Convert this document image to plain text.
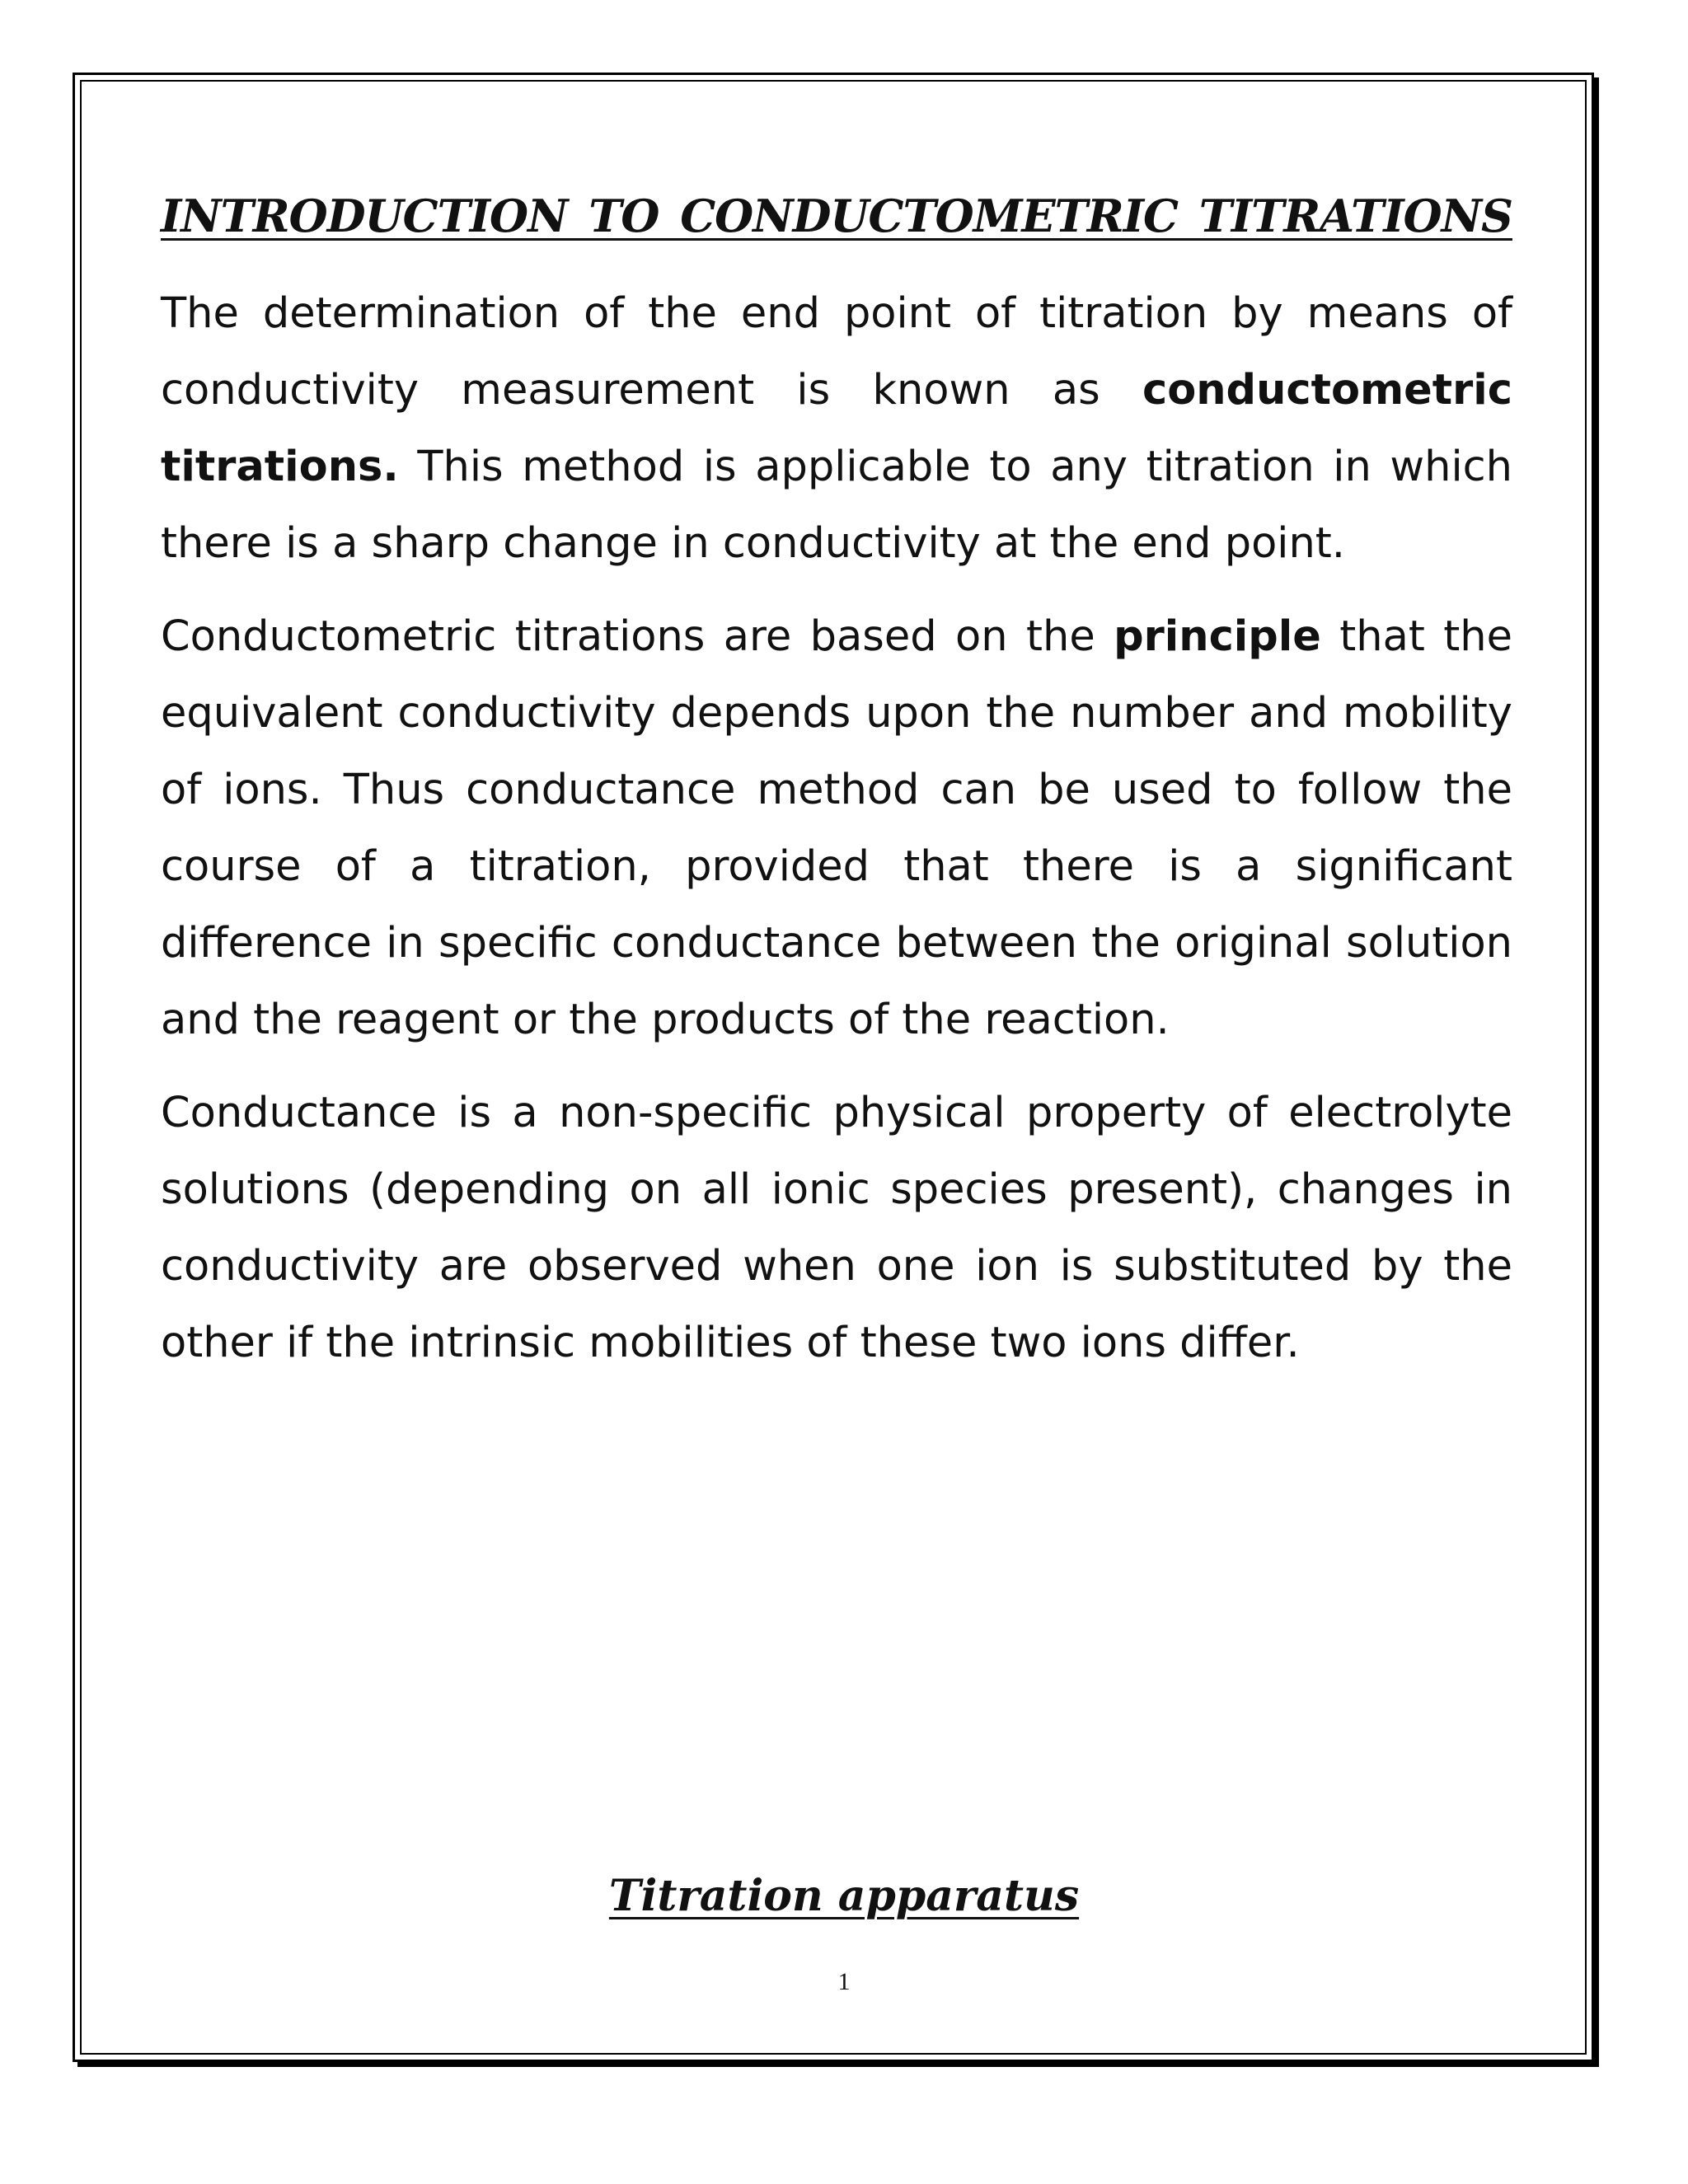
INTRODUCTION TO CONDUCTOMETRIC TITRATIONS

The determination of the end point of titration by means of conductivity measurement is known as conductometric titrations. This method is applicable to any titration in which there is a sharp change in conductivity at the end point.

Conductometric titrations are based on the principle that the equivalent conductivity depends upon the number and mobility of ions. Thus conductance method can be used to follow the course of a titration, provided that there is a significant difference in specific conductance between the original solution and the reagent or the products of the reaction.

Conductance is a non-specific physical property of electrolyte solutions (depending on all ionic species present), changes in conductivity are observed when one ion is substituted by the other if the intrinsic mobilities of these two ions differ.

Titration apparatus
1
